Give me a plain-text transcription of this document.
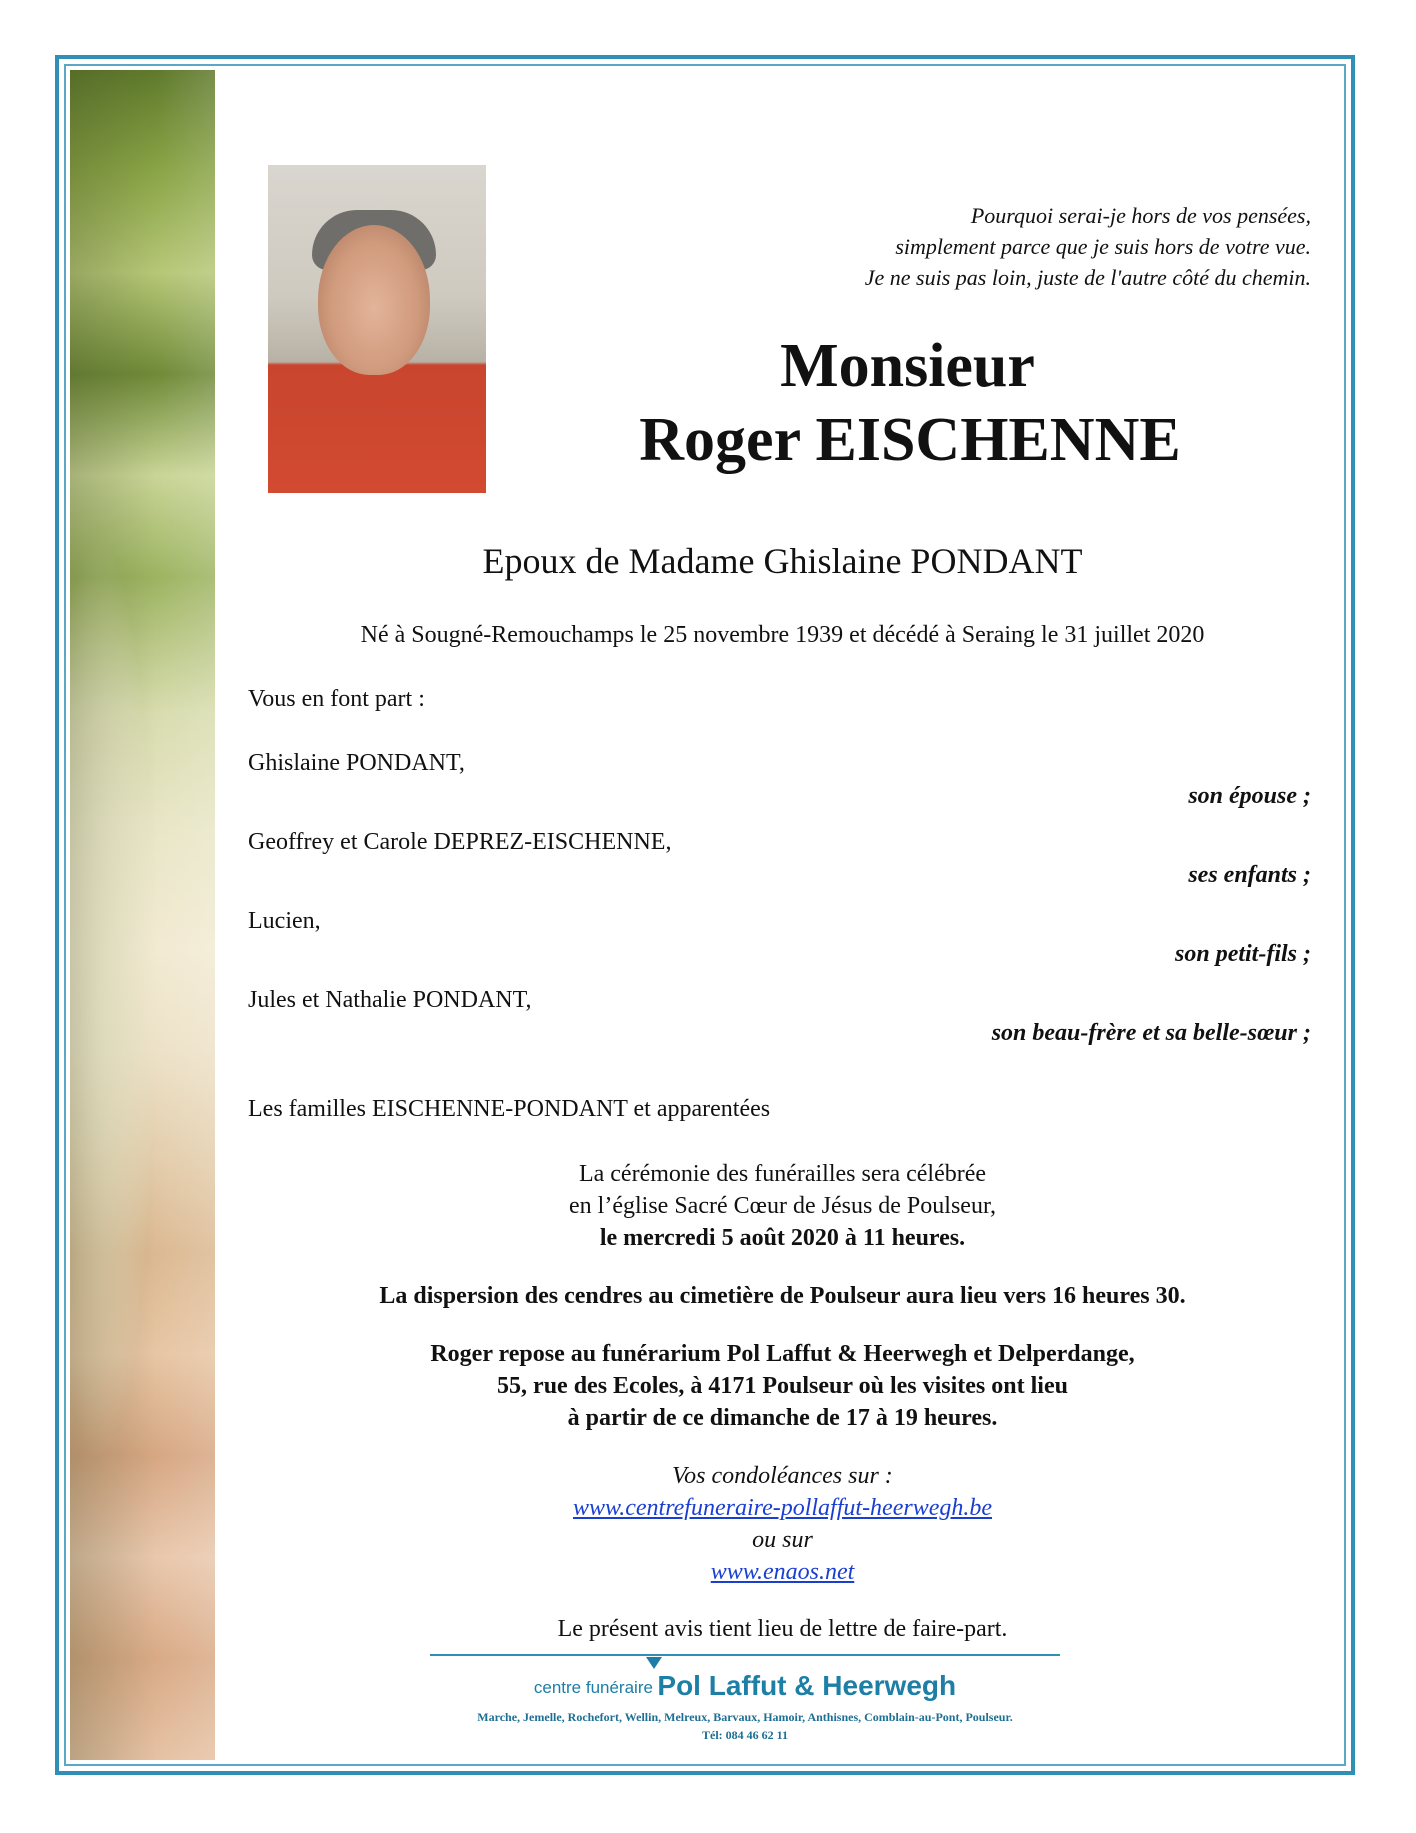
Pourquoi serai-je hors de vos pensées,
simplement parce que je suis hors de votre vue.
Je ne suis pas loin, juste de l'autre côté du chemin.
Monsieur
Roger EISCHENNE
Epoux de Madame Ghislaine PONDANT
Né à Sougné-Remouchamps le 25 novembre 1939 et décédé à Seraing le 31 juillet 2020
Vous en font part :
Ghislaine PONDANT,
son épouse ;
Geoffrey et Carole DEPREZ-EISCHENNE,
ses enfants ;
Lucien,
son petit-fils ;
Jules et Nathalie PONDANT,
son beau-frère et sa belle-sœur ;
Les familles EISCHENNE-PONDANT et apparentées
La cérémonie des funérailles sera célébrée
en l’église Sacré Cœur de Jésus de Poulseur,
le mercredi 5 août 2020 à 11 heures.
La dispersion des cendres au cimetière de Poulseur aura lieu vers 16 heures 30.
Roger repose au funérarium Pol Laffut & Heerwegh et Delperdange,
55, rue des Ecoles, à 4171 Poulseur où les visites ont lieu
à partir de ce dimanche de 17 à 19 heures.
Vos condoléances sur :
www.centrefuneraire-pollaffut-heerwegh.be
ou sur
www.enaos.net
Le présent avis tient lieu de lettre de faire-part.
centre funéraire Pol Laffut & Heerwegh
Marche, Jemelle, Rochefort, Wellin, Melreux, Barvaux, Hamoir, Anthisnes, Comblain-au-Pont, Poulseur.
Tél: 084 46 62 11
